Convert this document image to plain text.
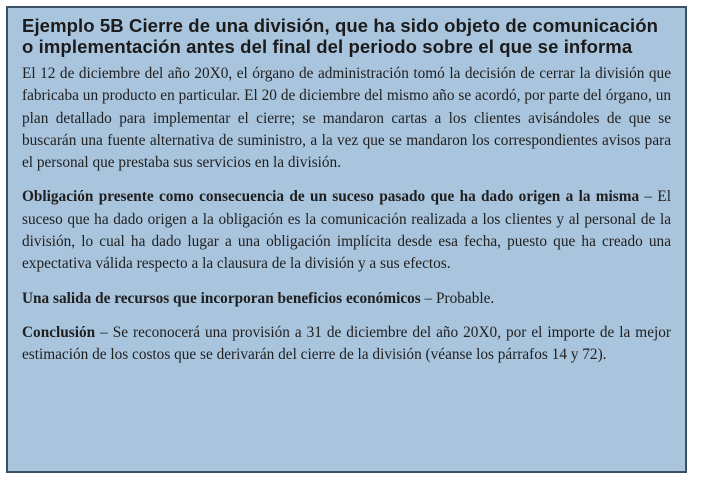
Ejemplo 5B Cierre de una división, que ha sido objeto de comunicación o implementación antes del final del periodo sobre el que se informa

El 12 de diciembre del año 20X0, el órgano de administración tomó la decisión de cerrar la división que fabricaba un producto en particular. El 20 de diciembre del mismo año se acordó, por parte del órgano, un plan detallado para implementar el cierre; se mandaron cartas a los clientes avisándoles de que se buscarán una fuente alternativa de suministro, a la vez que se mandaron los correspondientes avisos para el personal que prestaba sus servicios en la división.

Obligación presente como consecuencia de un suceso pasado que ha dado origen a la misma – El suceso que ha dado origen a la obligación es la comunicación realizada a los clientes y al personal de la división, lo cual ha dado lugar a una obligación implícita desde esa fecha, puesto que ha creado una expectativa válida respecto a la clausura de la división y a sus efectos.

Una salida de recursos que incorporan beneficios económicos – Probable.

Conclusión – Se reconocerá una provisión a 31 de diciembre del año 20X0, por el importe de la mejor estimación de los costos que se derivarán del cierre de la división (véanse los párrafos 14 y 72).
